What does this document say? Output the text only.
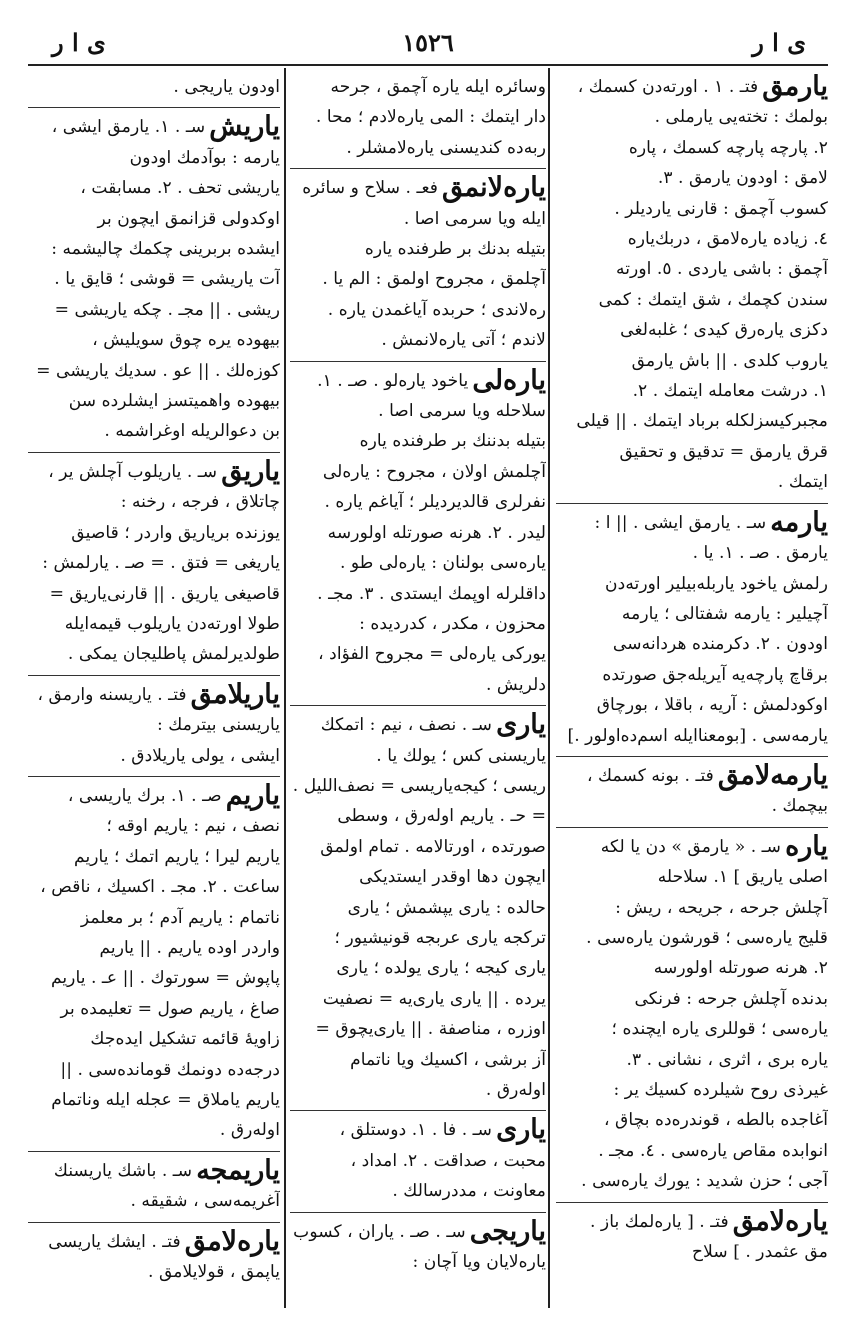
ی ا ر
١٥٢٦
ی ا ر
یارمق
فتـ . ١ . اورته‌دن كسمك ،
بولمك : تخته‌یی یارملی .
٢. پارچه پارچه كسمك ، پاره‌
لامق : اودون یارمق . ٣.
كسوب آچمق : قارنی یاردیلر .
٤. زیاده یاره‌لامق ، دربك‌یاره
آچمق : باشی یاردی . ٥. اورته‌
سندن كچمك ، شق ایتمك : كمی
دكزی یاره‌رق كیدی ؛ غلبه‌لغی
یاروب كلدی . || باش یارمق
١. درشت معامله ایتمك . ٢.
مجبركيسزلكله برباد ایتمك . || قیلی
قرق یارمق = تدقیق و تحقیق
ایتمك .
یارمه
سـ . یارمق ایشی . || ا :
یارمق . صـ . ١. یا .
رلمش یاخود یاربله‌بیلیر اورته‌دن
آچیلیر : یارمه شفتالی ؛ یارمه
اودون . ٢. دكرمنده هردانه‌سی
برقاچ پارچه‌یه آیریله‌جق صورتده
اوكودلمش : آریه ، باقلا ، بورچاق
یارمه‌سی . [بومعناایله اسم‌ده‌اولور .]
یارمه‌لامق
فتـ . بونه كسمك ،
بیچمك .
یاره
سـ . « یارمق » دن یا لكه
اصلی یاریق ] ١. سلاحله
آچلش جرحه ، جریحه ، ریش :
قلیج یاره‌سی ؛ قورشون یاره‌سی .
٢. هرنه صورتله اولورسه
بدنده آچلش جرحه : فرنكی
یاره‌سی ؛ قوللری یاره ایچنده ؛
یاره بری ، اثری ، نشانی . ٣.
غیرذی روح شیلرده كسیك ير :
آغاجده بالطه ، قوندره‌ده بچاق ،
انوابده مقاص یاره‌سی . ٤. مجـ .
آجی ؛ حزن شدید : یورك یاره‌سی .
یاره‌لامق
فتـ . [ یاره‌لمك باز .
مق عثمدر . ] سلاح
وسائره ایله یاره آچمق ، جرحه‌
دار ایتمك : المی یاره‌لادم ؛ محا .
ربه‌ده كندیسنی یاره‌لامشلر .
یاره‌لانمق
فعـ . سلاح و سائره
ایله ویا سرمی اصا .
بتیله بدنك بر طرفنده یاره
آچلمق ، مجروح اولمق : الم یا .
ره‌لاندی ؛ حربده‌ آیاغمدن یاره .
لاندم ؛ آتی یاره‌لانمش .
یاره‌لی
یاخود یاره‌لو . صـ . ١.
سلاحله ویا سرمی اصا .
بتیله بدننك بر طرفنده یاره
آچلمش اولان ، مجروح : یاره‌لی
نفرلری قالدیردیلر ؛ آیاغم یاره .
لیدر . ٢. هرنه صورتله اولورسه
یاره‌سی بولنان : یاره‌لی طو .
داقلرله اوپمك ایستدی . ٣. مجـ .
محزون ، مكدر ، كدردیده :
یورکی یاره‌لی = مجروح الفؤاد ،
دلریش .
یاری
سـ . نصف ، نیم : اتمكك
یاریسنی كس ؛ یولك یا .
ریسی ؛ كیجه‌یاریسی = نصف‌اللیل .
= حـ . یاریم اوله‌رق ، وسطی
صورتده ، اورتالامه . تمام اولمق
ایچون دها اوقدر ایستدیكی
حالده : یاری یپشمش ؛ یاری
تركجه یاری عربجه قونیشیور ؛
یاری كیجه ؛ یاری یولده ؛ یاری
یرده . || یاری یاری‌یه = نصفیت
اوزره ، مناصفة . || یاری‌یچوق =
آز برشی ، اكسیك ویا ناتمام
اوله‌رق .
یاری
سـ . فا . ١. دوستلق ،
محبت ، صداقت . ٢. امداد ،
معاونت ، مددرسالك .
یاریجی
سـ . صـ . یاران ، كسوب
یاره‌لایان ویا آچان :
اودون یاریجی .
یاریش
سـ . ١. یارمق ایشی ،
یارمه : بوآدمك اودون
یاریشی تحف . ٢. مسابقت ،
اوكدولی قزانمق ایچون بر
ایشده بربرینی چكمك چالیشمه :
آت یاریشی = قوشی ؛ قایق یا .
ریشی . || مجـ . چكه یاریشی =
بیهوده یره چوق سویلیش ،
كوزه‌لك . || عو . سدیك یاریشی =
بیهوده واهمیتسز ایشلرده سن
بن دعوالریله اوغراشمه .
یاریق
سـ . یاریلوب آچلش یر ،
چاتلاق ، فرجه ، رخنه :
یوزنده بریاریق واردر ؛ قاصیق
یاریغی = فتق . = صـ . یارلمش :
قاصیغی یاریق . || قارنی‌یاریق =
طولا اورته‌دن یاریلوب قیمه‌ایله
طولدیرلمش پاطلیجان یمكی .
یاریلامق
فتـ . یاریسنه وارمق ،
یاریسنی بیترمك :
ایشی ، یولی یاریلادق .
یاریم
صـ . ١. برك یاریسی ،
نصف ، نیم : یاریم اوقه ؛
یاریم لیرا ؛ یاریم اتمك ؛ یاریم
ساعت . ٢. مجـ . اكسیك ، ناقص ،
ناتمام : یاریم آدم ؛ بر معلمز
واردر اوده یاریم . || یاریم
پاپوش = سورتوك . || عـ . یاریم
صاغ ، یاریم صول = تعلیمده بر
زاویهٔ قائمه تشكیل ایده‌جك
درجه‌ده دونمك قومانده‌سی . ||
یاریم یاملاق = عجله ایله وناتمام
اوله‌رق .
یاریمجه
سـ . باشك یاریسنك
آغریمه‌سی ، شقیقه .
یاره‌لامق
فتـ . ایشك یاریسی
یاپمق ، قولایلامق .
